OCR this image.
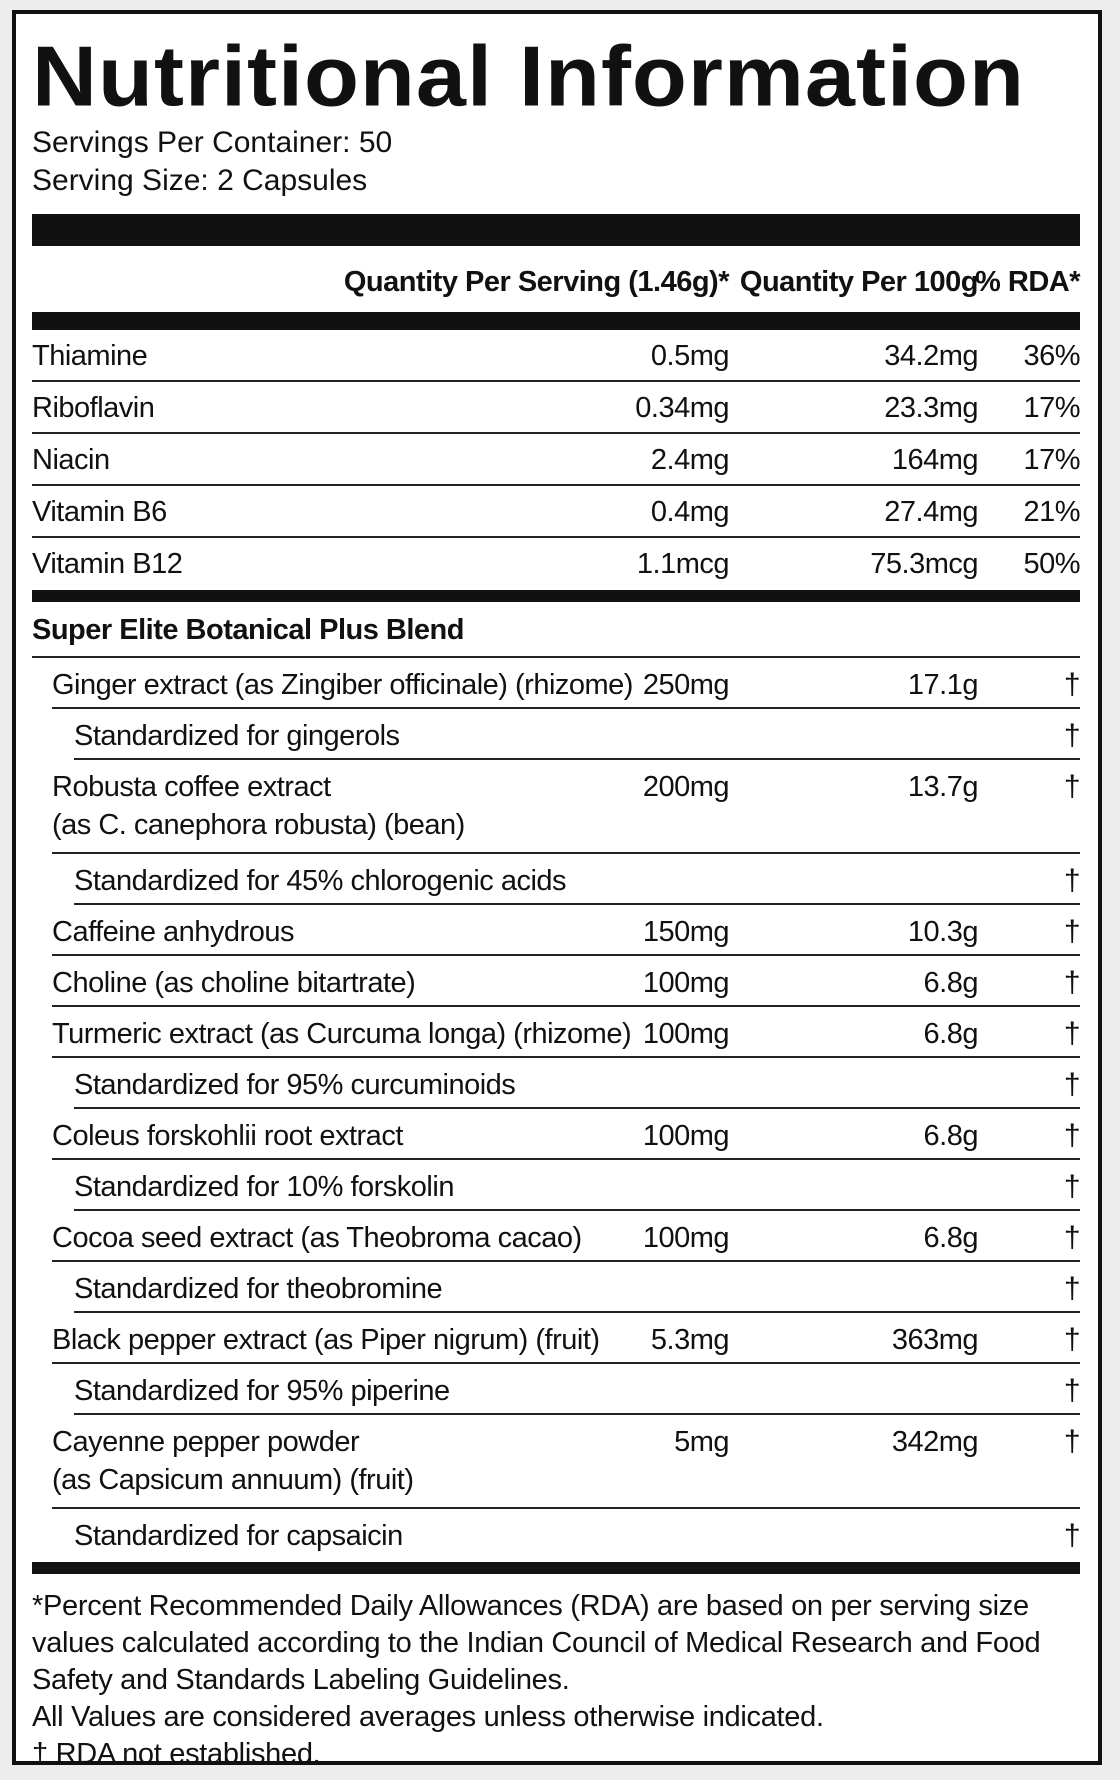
Nutritional Information
Servings Per Container: 50
Serving Size: 2 Capsules
Quantity Per Serving (1.46g)* Quantity Per 100g
% RDA*
Thiamine	0.5mg	34.2mg 36%
Riboflavin	0.34mg	23.3mg 17%
Niacin	2.4mg	164mg 17%
Vitamin B6	0.4mg	27.4mg 21%
Vitamin B12	1.1mcg	75.3mcg 50%
Super Elite Botanical Plus Blend
Ginger extract (as Zingiber officinale) (rhizome) 250mg	17.1g	†
Standardized for gingerols	†
Robusta coffee extract
(as C. canephora robusta) (bean)
200mg	13.7g	†
Standardized for 45% chlorogenic acids	†
Caffeine anhydrous	150mg	10.3g	†
Choline (as choline bitartrate)	100mg	6.8g	†
Turmeric extract (as Curcuma longa) (rhizome) 100mg	6.8g	†
Standardized for 95% curcuminoids	†
Coleus forskohlii root extract	100mg	6.8g	†
Standardized for 10% forskolin	†
Cocoa seed extract (as Theobroma cacao) 100mg	6.8g	†
Standardized for theobromine	†
Black pepper extract (as Piper nigrum) (fruit) 5.3mg	363mg	†
Standardized for 95% piperine	†
Cayenne pepper powder
(as Capsicum annuum) (fruit)
5mg	342mg	†
Standardized for capsaicin	†
*Percent Recommended Daily Allowances (RDA) are based on per serving size
values calculated according to the Indian Council of Medical Research and Food
Safety and Standards Labeling Guidelines.
All Values are considered averages unless otherwise indicated.
† RDA not established.
